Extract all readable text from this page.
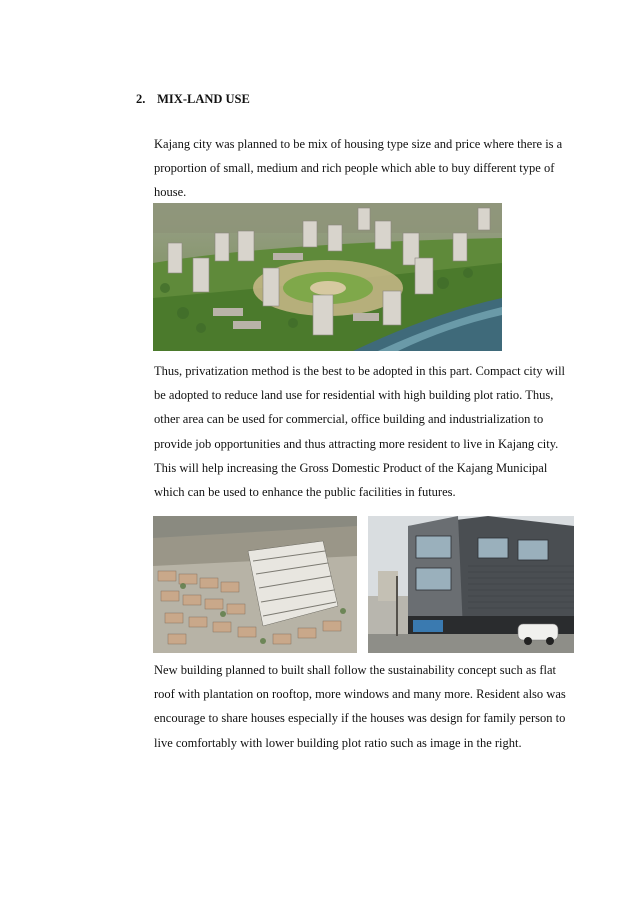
2. MIX-LAND USE

Kajang city was planned to be mix of housing type size and price where there is a proportion of small, medium and rich people which able to buy different type of house.

Thus, privatization method is the best to be adopted in this part. Compact city will be adopted to reduce land use for residential with high building plot ratio. Thus, other area can be used for commercial, office building and industrialization to provide job opportunities and thus attracting more resident to live in Kajang city. This will help increasing the Gross Domestic Product of the Kajang Municipal which can be used to enhance the public facilities in futures.

New building planned to built shall follow the sustainability concept such as flat roof with plantation on rooftop, more windows and many more. Resident also was encourage to share houses especially if the houses was design for family person to live comfortably with lower building plot ratio such as image in the right.
